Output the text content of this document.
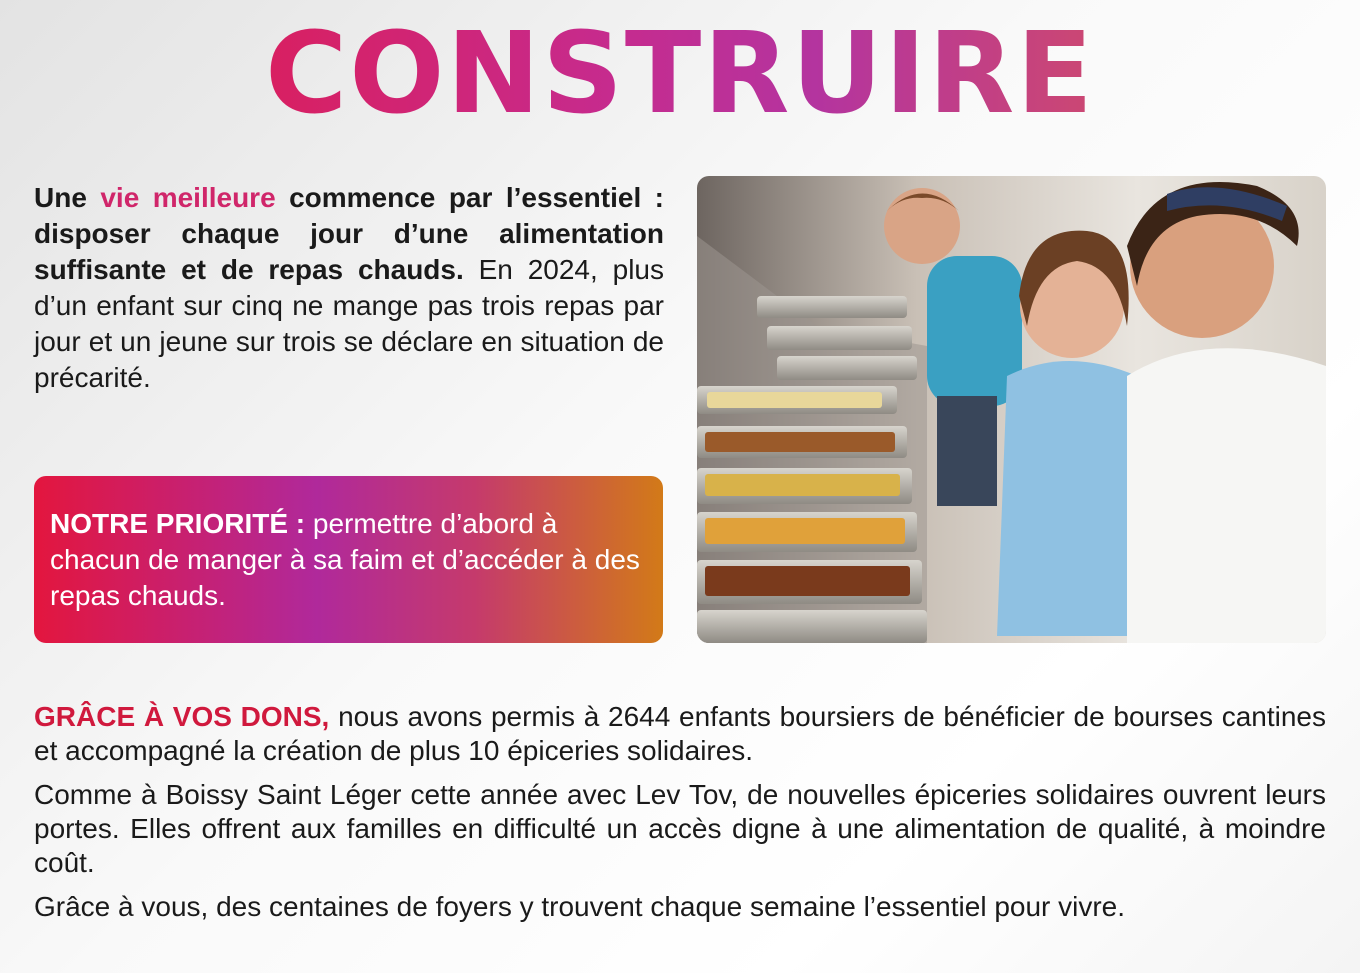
CONSTRUIRE

Une vie meilleure commence par l’essentiel : disposer chaque jour d’une alimentation suffisante et de repas chauds. En 2024, plus d’un enfant sur cinq ne mange pas trois repas par jour et un jeune sur trois se déclare en situation de précarité.

NOTRE PRIORITÉ : permettre d’abord à chacun de manger à sa faim et d’accéder à des repas chauds.

GRÂCE À VOS DONS, nous avons permis à 2644 enfants boursiers de bénéficier de bourses cantines et accompagné la création de plus 10 épiceries solidaires.

Comme à Boissy Saint Léger cette année avec Lev Tov, de nouvelles épiceries solidaires ouvrent leurs portes. Elles offrent aux familles en difficulté un accès digne à une alimentation de qualité, à moindre coût.

Grâce à vous, des centaines de foyers y trouvent chaque semaine l’essentiel pour vivre.
